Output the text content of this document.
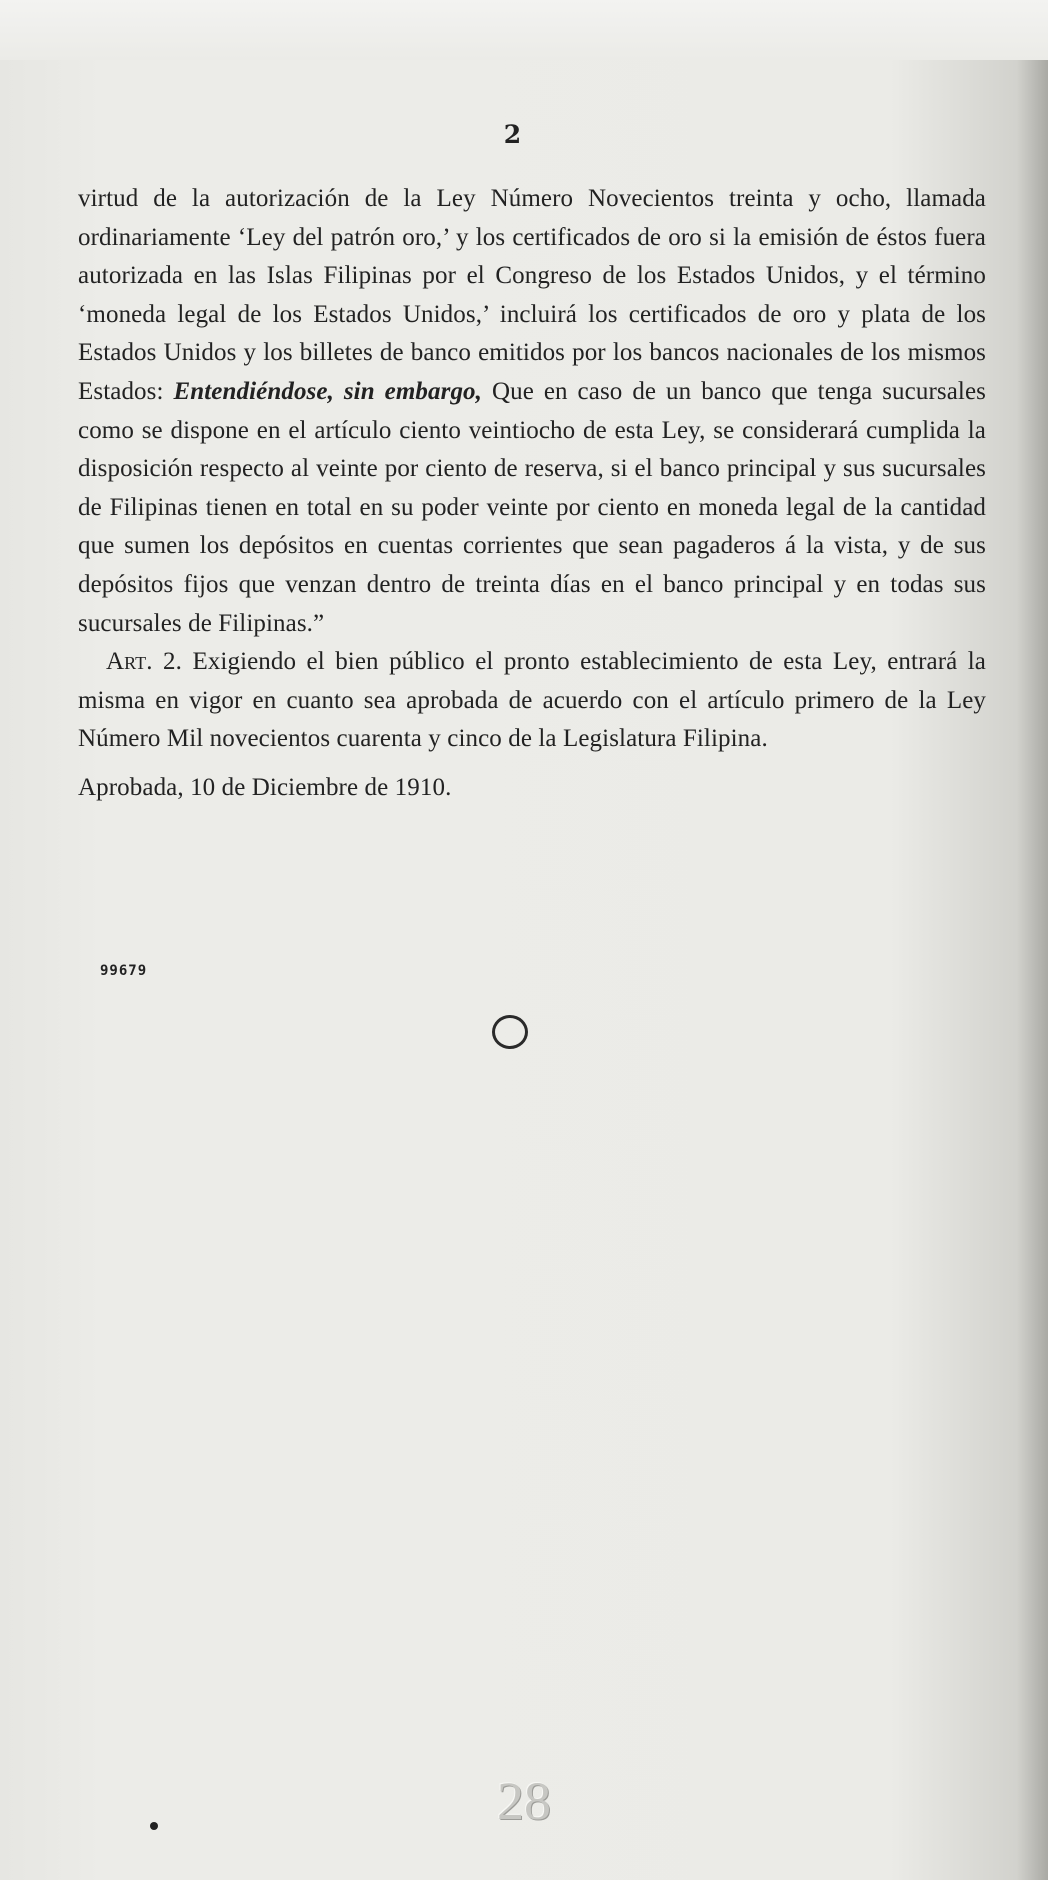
2

virtud de la autorización de la Ley Número Novecientos treinta y ocho, llamada ordinariamente ‘Ley del patrón oro,’ y los certificados de oro si la emisión de éstos fuera autorizada en las Islas Filipinas por el Congreso de los Estados Unidos, y el término ‘moneda legal de los Estados Unidos,’ incluirá los certificados de oro y plata de los Estados Unidos y los billetes de banco emitidos por los bancos nacionales de los mismos Estados: Entendiéndose, sin embargo, Que en caso de un banco que tenga sucursales como se dispone en el artículo ciento veintiocho de esta Ley, se considerará cumplida la disposición respecto al veinte por ciento de reserva, si el banco principal y sus sucursales de Filipinas tienen en total en su poder veinte por ciento en moneda legal de la cantidad que sumen los depósitos en cuentas corrientes que sean pagaderos á la vista, y de sus depósitos fijos que venzan dentro de treinta días en el banco principal y en todas sus sucursales de Filipinas.”

Art. 2. Exigiendo el bien público el pronto establecimiento de esta Ley, entrará la misma en vigor en cuanto sea aprobada de acuerdo con el artículo primero de la Ley Número Mil novecientos cuarenta y cinco de la Legislatura Filipina.

Aprobada, 10 de Diciembre de 1910.

99679
28
